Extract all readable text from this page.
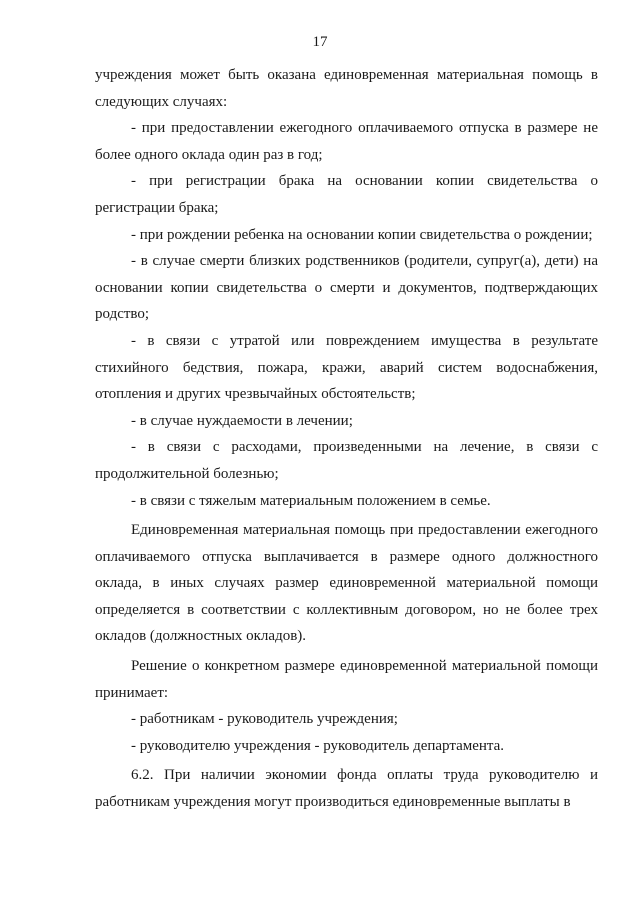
17

учреждения может быть оказана единовременная материальная помощь в следующих случаях:

- при предоставлении ежегодного оплачиваемого отпуска в размере не более одного оклада один раз в год;

- при регистрации брака на основании копии свидетельства о регистрации брака;

- при рождении ребенка на основании копии свидетельства о рождении;

- в случае смерти близких родственников (родители, супруг(а), дети) на основании копии свидетельства о смерти и документов, подтверждающих родство;

- в связи с утратой или повреждением имущества в результате стихийного бедствия, пожара, кражи, аварий систем водоснабжения, отопления и других чрезвычайных обстоятельств;

- в случае нуждаемости в лечении;

- в связи с расходами, произведенными на лечение, в связи с продолжительной болезнью;

- в связи с тяжелым материальным положением в семье.

Единовременная материальная помощь при предоставлении ежегодного оплачиваемого отпуска выплачивается в размере одного должностного оклада, в иных случаях размер единовременной материальной помощи определяется в соответствии с коллективным договором, но не более трех окладов (должностных окладов).

Решение о конкретном размере единовременной материальной помощи принимает:

- работникам - руководитель учреждения;

- руководителю учреждения - руководитель департамента.

6.2. При наличии экономии фонда оплаты труда руководителю и работникам учреждения могут производиться единовременные выплаты в
